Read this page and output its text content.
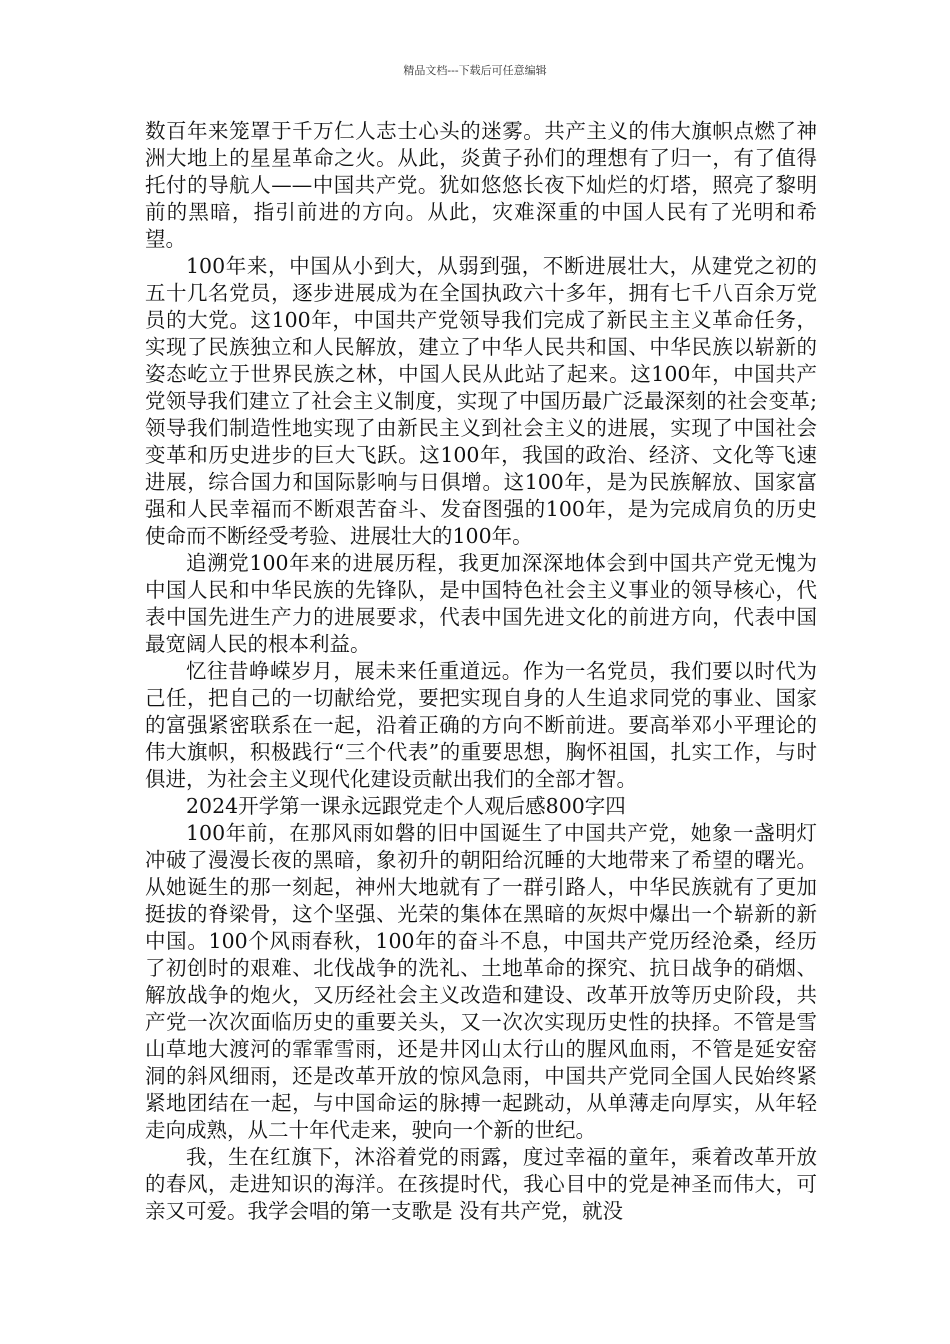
精品文档---下载后可任意编辑

数百年来笼罩于千万仁人志士心头的迷雾。共产主义的伟大旗帜点燃了神洲大地上的星星革命之火。从此，炎黄子孙们的理想有了归一，有了值得托付的导航人——中国共产党。犹如悠悠长夜下灿烂的灯塔，照亮了黎明前的黑暗，指引前进的方向。从此，灾难深重的中国人民有了光明和希望。

100年来，中国从小到大，从弱到强，不断进展壮大，从建党之初的五十几名党员，逐步进展成为在全国执政六十多年，拥有七千八百余万党员的大党。这100年，中国共产党领导我们完成了新民主主义革命任务，实现了民族独立和人民解放，建立了中华人民共和国、中华民族以崭新的姿态屹立于世界民族之林，中国人民从此站了起来。这100年，中国共产党领导我们建立了社会主义制度，实现了中国历最广泛最深刻的社会变革;领导我们制造性地实现了由新民主义到社会主义的进展，实现了中国社会变革和历史进步的巨大飞跃。这100年，我国的政治、经济、文化等飞速进展，综合国力和国际影响与日俱增。这100年，是为民族解放、国家富强和人民幸福而不断艰苦奋斗、发奋图强的100年，是为完成肩负的历史使命而不断经受考验、进展壮大的100年。

追溯党100年来的进展历程，我更加深深地体会到中国共产党无愧为中国人民和中华民族的先锋队，是中国特色社会主义事业的领导核心，代表中国先进生产力的进展要求，代表中国先进文化的前进方向，代表中国最宽阔人民的根本利益。

忆往昔峥嵘岁月，展未来任重道远。作为一名党员，我们要以时代为己任，把自己的一切献给党，要把实现自身的人生追求同党的事业、国家的富强紧密联系在一起，沿着正确的方向不断前进。要高举邓小平理论的伟大旗帜，积极践行“三个代表”的重要思想，胸怀祖国，扎实工作，与时俱进，为社会主义现代化建设贡献出我们的全部才智。

2024开学第一课永远跟党走个人观后感800字四

100年前，在那风雨如磐的旧中国诞生了中国共产党，她象一盏明灯冲破了漫漫长夜的黑暗，象初升的朝阳给沉睡的大地带来了希望的曙光。从她诞生的那一刻起，神州大地就有了一群引路人，中华民族就有了更加挺拔的脊梁骨，这个坚强、光荣的集体在黑暗的灰烬中爆出一个崭新的新中国。100个风雨春秋，100年的奋斗不息，中国共产党历经沧桑，经历了初创时的艰难、北伐战争的洗礼、土地革命的探究、抗日战争的硝烟、解放战争的炮火，又历经社会主义改造和建设、改革开放等历史阶段，共产党一次次面临历史的重要关头，又一次次实现历史性的抉择。不管是雪山草地大渡河的霏霏雪雨，还是井冈山太行山的腥风血雨，不管是延安窑洞的斜风细雨，还是改革开放的惊风急雨，中国共产党同全国人民始终紧紧地团结在一起，与中国命运的脉搏一起跳动，从单薄走向厚实，从年轻走向成熟，从二十年代走来，驶向一个新的世纪。

我，生在红旗下，沐浴着党的雨露，度过幸福的童年，乘着改革开放的春风，走进知识的海洋。在孩提时代，我心目中的党是神圣而伟大，可亲又可爱。我学会唱的第一支歌是 没有共产党，就没
